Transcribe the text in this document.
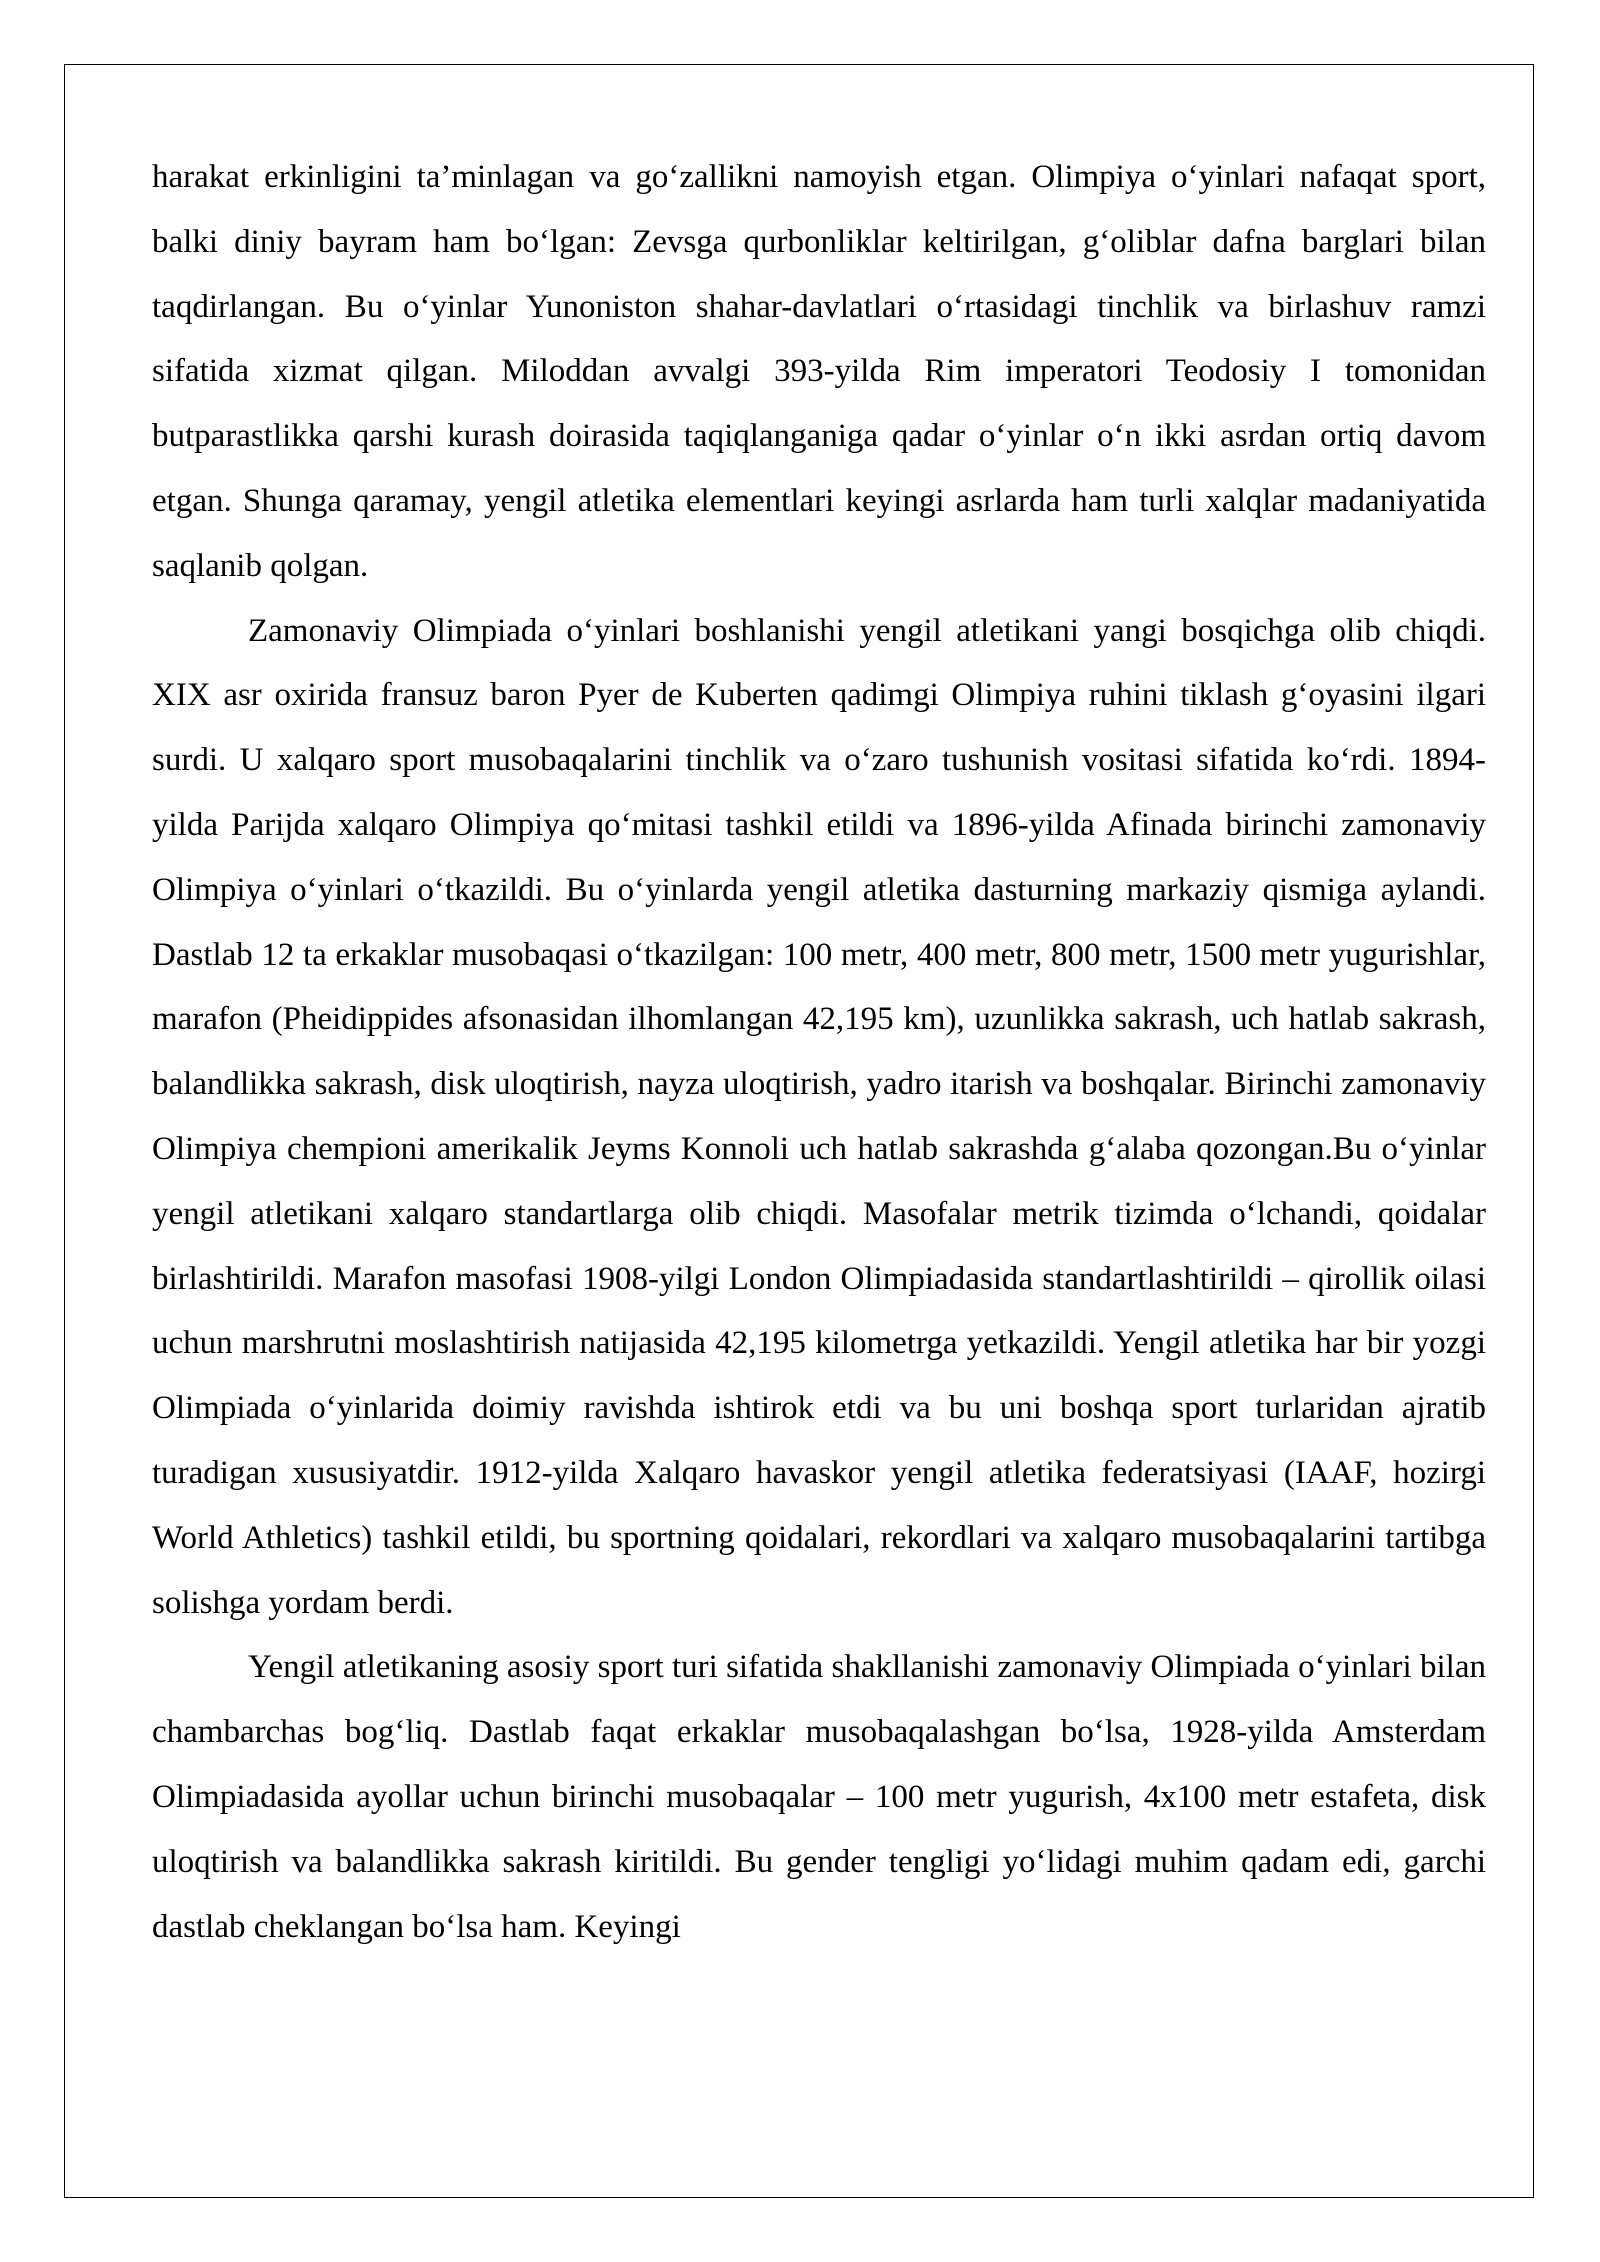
harakat erkinligini ta’minlagan va go‘zallikni namoyish etgan. Olimpiya o‘yinlari nafaqat sport, balki diniy bayram ham bo‘lgan: Zevsga qurbonliklar keltirilgan, g‘oliblar dafna barglari bilan taqdirlangan. Bu o‘yinlar Yunoniston shahar-davlatlari o‘rtasidagi tinchlik va birlashuv ramzi sifatida xizmat qilgan. Miloddan avvalgi 393-yilda Rim imperatori Teodosiy I tomonidan butparastlikka qarshi kurash doirasida taqiqlanganiga qadar o‘yinlar o‘n ikki asrdan ortiq davom etgan. Shunga qaramay, yengil atletika elementlari keyingi asrlarda ham turli xalqlar madaniyatida saqlanib qolgan.

Zamonaviy Olimpiada o‘yinlari boshlanishi yengil atletikani yangi bosqichga olib chiqdi. XIX asr oxirida fransuz baron Pyer de Kuberten qadimgi Olimpiya ruhini tiklash g‘oyasini ilgari surdi. U xalqaro sport musobaqalarini tinchlik va o‘zaro tushunish vositasi sifatida ko‘rdi. 1894-yilda Parijda xalqaro Olimpiya qo‘mitasi tashkil etildi va 1896-yilda Afinada birinchi zamonaviy Olimpiya o‘yinlari o‘tkazildi. Bu o‘yinlarda yengil atletika dasturning markaziy qismiga aylandi. Dastlab 12 ta erkaklar musobaqasi o‘tkazilgan: 100 metr, 400 metr, 800 metr, 1500 metr yugurishlar, marafon (Pheidippides afsonasidan ilhomlangan 42,195 km), uzunlikka sakrash, uch hatlab sakrash, balandlikka sakrash, disk uloqtirish, nayza uloqtirish, yadro itarish va boshqalar. Birinchi zamonaviy Olimpiya chempioni amerikalik Jeyms Konnoli uch hatlab sakrashda g‘alaba qozongan.Bu o‘yinlar yengil atletikani xalqaro standartlarga olib chiqdi. Masofalar metrik tizimda o‘lchandi, qoidalar birlashtirildi. Marafon masofasi 1908-yilgi London Olimpiadasida standartlashtirildi – qirollik oilasi uchun marshrutni moslashtirish natijasida 42,195 kilometrga yetkazildi. Yengil atletika har bir yozgi Olimpiada o‘yinlarida doimiy ravishda ishtirok etdi va bu uni boshqa sport turlaridan ajratib turadigan xususiyatdir. 1912-yilda Xalqaro havaskor yengil atletika federatsiyasi (IAAF, hozirgi World Athletics) tashkil etildi, bu sportning qoidalari, rekordlari va xalqaro musobaqalarini tartibga solishga yordam berdi.

Yengil atletikaning asosiy sport turi sifatida shakllanishi zamonaviy Olimpiada o‘yinlari bilan chambarchas bog‘liq. Dastlab faqat erkaklar musobaqalashgan bo‘lsa, 1928-yilda Amsterdam Olimpiadasida ayollar uchun birinchi musobaqalar – 100 metr yugurish, 4x100 metr estafeta, disk uloqtirish va balandlikka sakrash kiritildi. Bu gender tengligi yo‘lidagi muhim qadam edi, garchi dastlab cheklangan bo‘lsa ham. Keyingi
